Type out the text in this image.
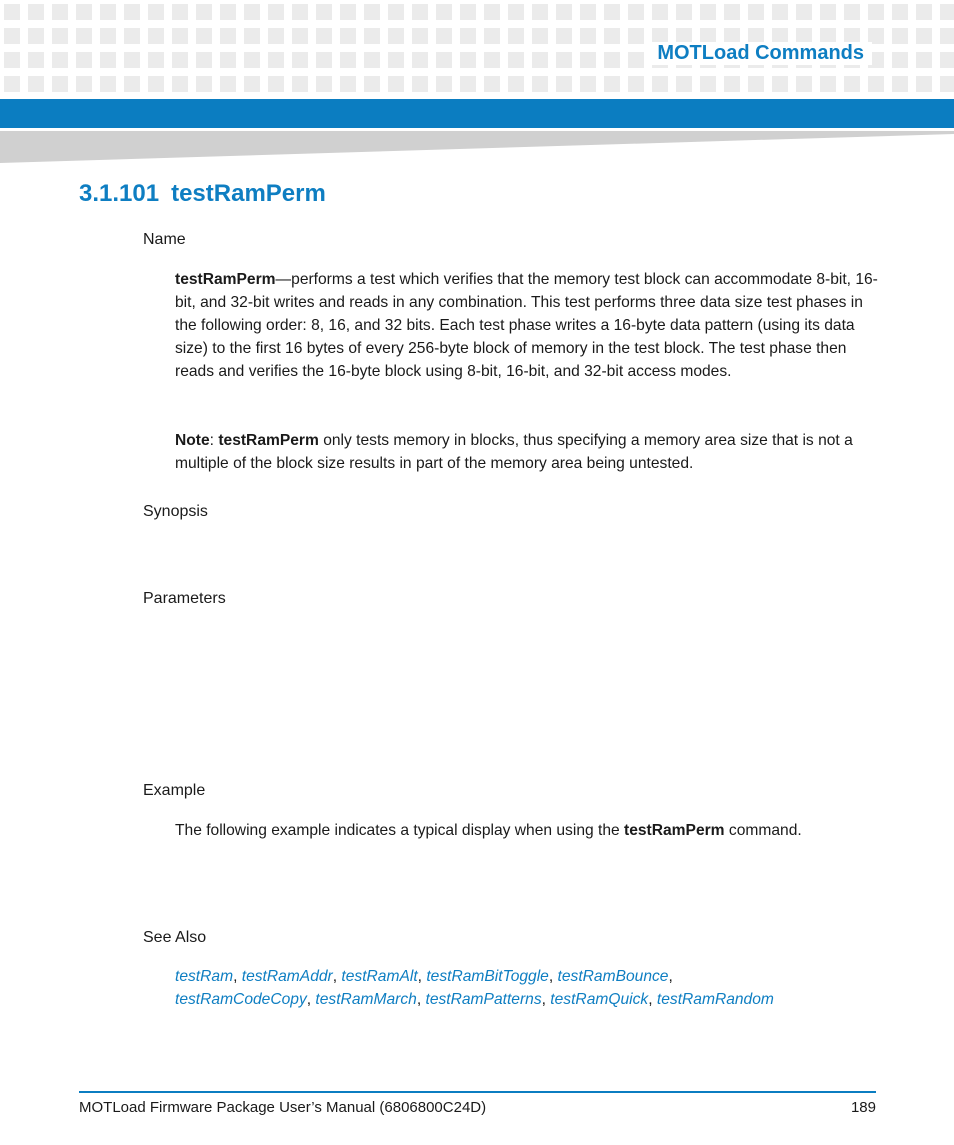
MOTLoad Commands
3.1.101 testRamPerm

Name

testRamPerm—performs a test which verifies that the memory test block can accommodate 8-bit, 16-bit, and 32-bit writes and reads in any combination. This test performs three data size test phases in the following order: 8, 16, and 32 bits. Each test phase writes a 16-byte data pattern (using its data size) to the first 16 bytes of every 256-byte block of memory in the test block. The test phase then reads and verifies the 16-byte block using 8-bit, 16-bit, and 32-bit access modes.

Note: testRamPerm only tests memory in blocks, thus specifying a memory area size that is not a multiple of the block size results in part of the memory area being untested.

Synopsis

Parameters

Example

The following example indicates a typical display when using the testRamPerm command.

See Also

testRam, testRamAddr, testRamAlt, testRamBitToggle, testRamBounce,
testRamCodeCopy, testRamMarch, testRamPatterns, testRamQuick, testRamRandom

MOTLoad Firmware Package User’s Manual (6806800C24D)	189
